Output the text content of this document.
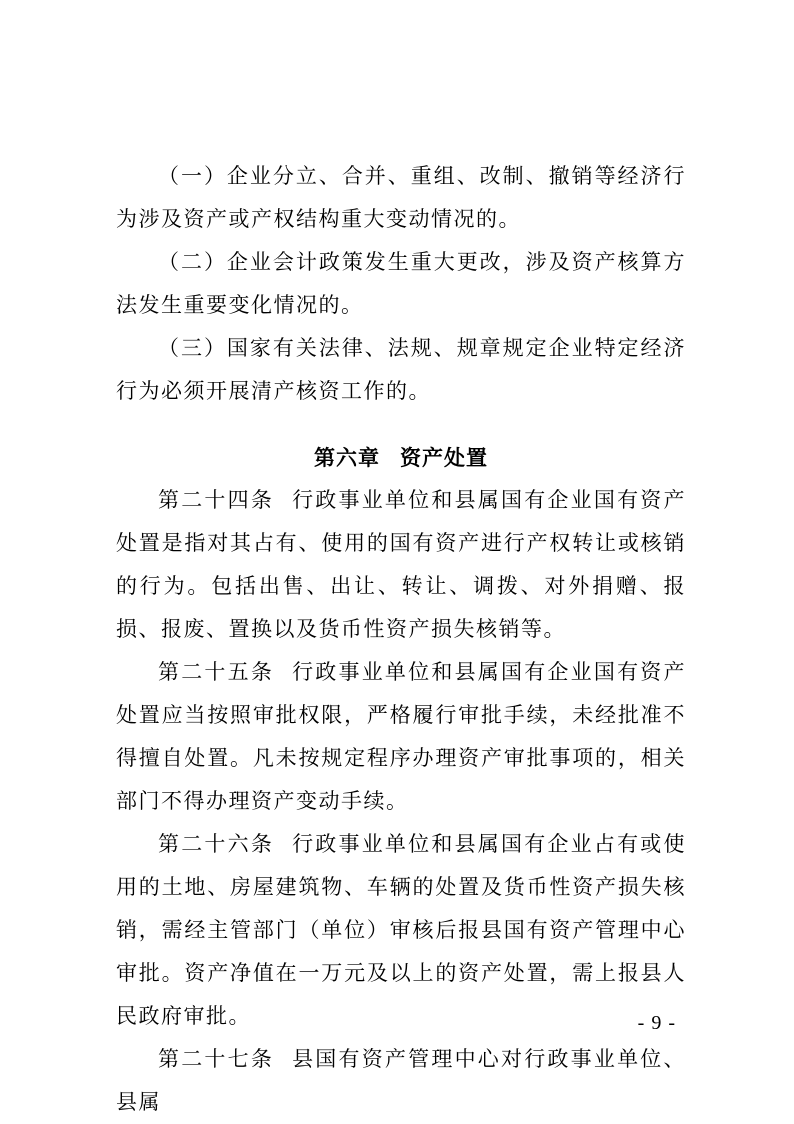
（一）企业分立、合并、重组、改制、撤销等经济行为涉及资产或产权结构重大变动情况的。

（二）企业会计政策发生重大更改，涉及资产核算方法发生重要变化情况的。

（三）国家有关法律、法规、规章规定企业特定经济行为必须开展清产核资工作的。

第六章 资产处置

第二十四条 行政事业单位和县属国有企业国有资产处置是指对其占有、使用的国有资产进行产权转让或核销的行为。包括出售、出让、转让、调拨、对外捐赠、报损、报废、置换以及货币性资产损失核销等。

第二十五条 行政事业单位和县属国有企业国有资产处置应当按照审批权限，严格履行审批手续，未经批准不得擅自处置。凡未按规定程序办理资产审批事项的，相关部门不得办理资产变动手续。

第二十六条 行政事业单位和县属国有企业占有或使用的土地、房屋建筑物、车辆的处置及货币性资产损失核销，需经主管部门（单位）审核后报县国有资产管理中心审批。资产净值在一万元及以上的资产处置，需上报县人民政府审批。

第二十七条 县国有资产管理中心对行政事业单位、县属

- 9 -
